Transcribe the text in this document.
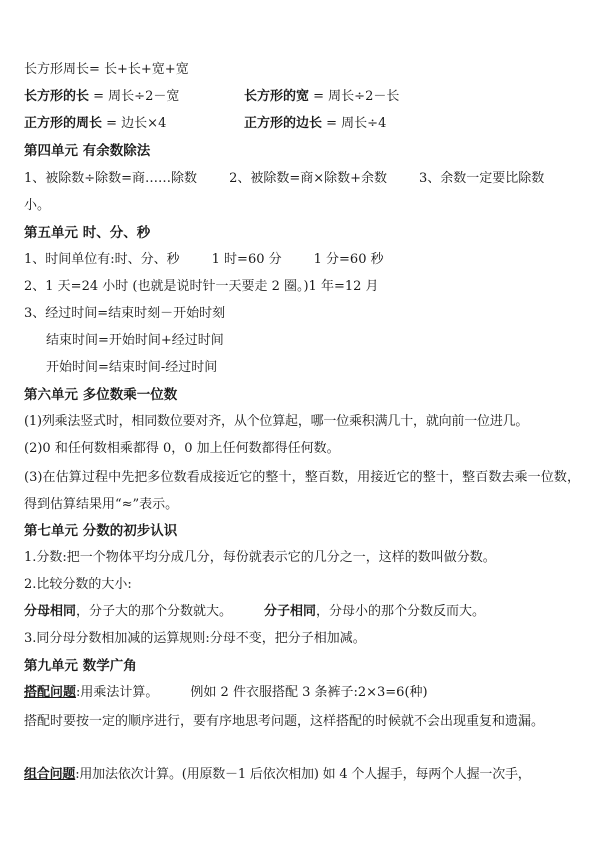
长方形周长= 长+长+宽+宽
长方形的长 = 周长÷2－宽	长方形的宽 = 周长÷2－长
正方形的周长 = 边长×4	正方形的边长 = 周长÷4
第四单元 有余数除法
1、被除数÷除数=商……除数 2、被除数=商×除数+余数 3、余数一定要比除数
小。
第五单元 时、分、秒
1、时间单位有:时、分、秒 1 时=60 分 1 分=60 秒
2、1 天=24 小时 (也就是说时针一天要走 2 圈。)1 年=12 月
3、经过时间=结束时刻－开始时刻
结束时间=开始时间+经过时间
开始时间=结束时间-经过时间
第六单元 多位数乘一位数
(1)列乘法竖式时，相同数位要对齐，从个位算起，哪一位乘积满几十，就向前一位进几。
(2)0 和任何数相乘都得 0，0 加上任何数都得任何数。
(3)在估算过程中先把多位数看成接近它的整十，整百数，用接近它的整十，整百数去乘一位数，得到估算结果用“≈”表示。
第七单元 分数的初步认识
1.分数:把一个物体平均分成几分，每份就表示它的几分之一，这样的数叫做分数。
2.比较分数的大小:
分母相同，分子大的那个分数就大。 分子相同，分母小的那个分数反而大。
3.同分母分数相加减的运算规则:分母不变，把分子相加减。
第九单元 数学广角
搭配问题:用乘法计算。 例如 2 件衣服搭配 3 条裤子:2×3=6(种)
搭配时要按一定的顺序进行，要有序地思考问题，这样搭配的时候就不会出现重复和遗漏。
组合问题:用加法依次计算。(用原数－1 后依次相加) 如 4 个人握手，每两个人握一次手，
